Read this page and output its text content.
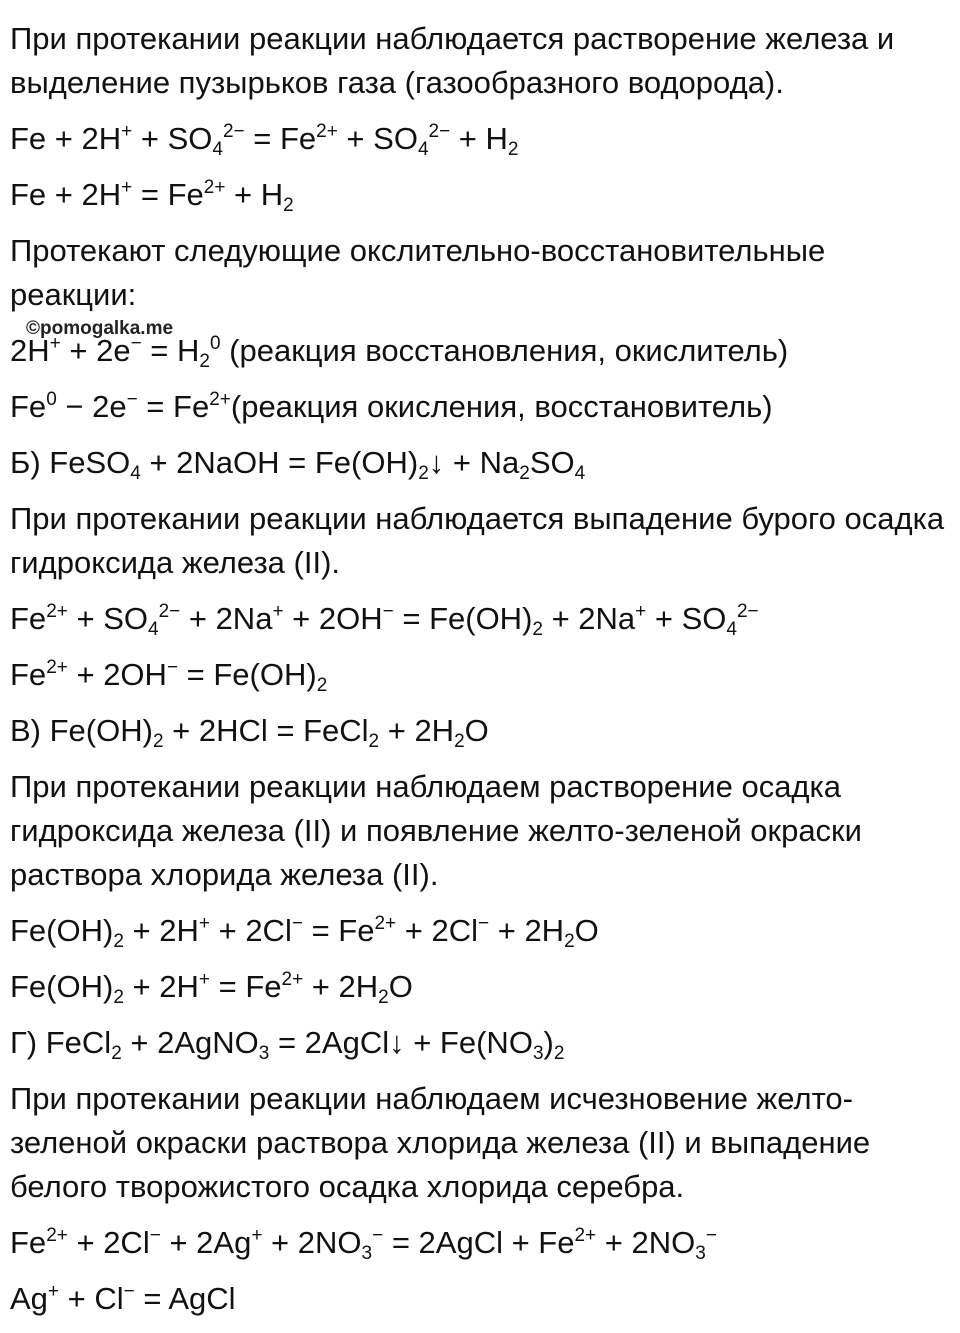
При протекании реакции наблюдается растворение железа и выделение пузырьков газа (газообразного водорода).
$Fe + 2H^+ + SO_4^{2-} = Fe^{2+} + SO_4^{2-} + H_2$
$Fe + 2H^+ = Fe^{2+} + H_2$
Протекают следующие окслительно-восстановительные реакции:
$2H^+ + 2e^- = H_2^0$ (реакция восстановления, окислитель)
$Fe^0 - 2e^-$ = $Fe^{2+}(реакция$ окисления, восстановитель)
Б) FeSO$_4$ + 2NaOH = $Fe(OH)_2↓ + Na_2SO_4$
При протекании реакции наблюдается выпадение бурого осадка гидроксида железа (II).
$Fe^{2+} + SO_4^{2-} + 2Na^+ + 2OH^- = Fe(OH)_2 + 2Na^+ + SO_4^{2-}$
$Fe^{2+} + 2OH^- = Fe(OH)_2$
В) $Fe(OH)_2 + 2HCl$ = FeCl$_2$ + $2H_2O$
При протекании реакции наблюдаем растворение осадка гидроксида железа (II) и появление желто-зеленой окраски раствора хлорида железа (II).
$Fe(OH)_2 + 2H^+ + 2Cl^- = Fe^{2+} + 2Cl^- + 2H_2O$
$Fe(OH)_2 + 2H^+ = Fe^{2+} + 2H_2O$
Г) FeCl$_2$ + 2AgNO$_3$ = 2AgCl↓ + $Fe(NO_3)_2$
При протекании реакции наблюдаем исчезновение желто-зеленой окраски раствора хлорида железа (II) и выпадение белого творожистого осадка хлорида серебра.
$Fe^{2+} + 2Cl^- + 2Ag^+ + 2NO_3^-$ = 2AgCl + $Fe^{2+} + 2NO_3^-$
Ag+ + Cl− = AgCl
©pomogalka.me
